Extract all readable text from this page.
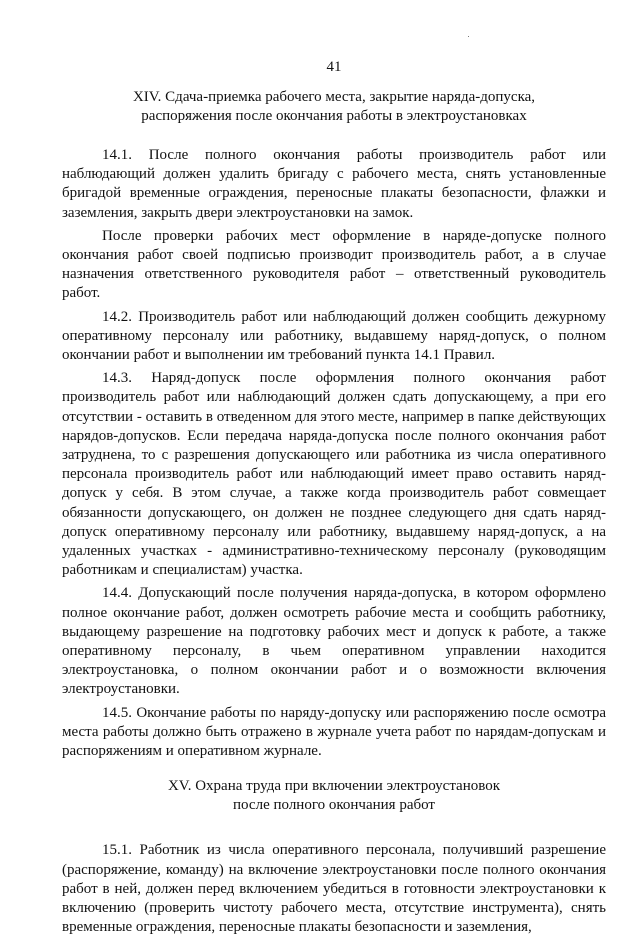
41
XIV. Сдача-приемка рабочего места, закрытие наряда-допуска,
распоряжения после окончания работы в электроустановках

14.1. После полного окончания работы производитель работ или наблюдающий должен удалить бригаду с рабочего места, снять установленные бригадой временные ограждения, переносные плакаты безопасности, флажки и заземления, закрыть двери электроустановки на замок.

После проверки рабочих мест оформление в наряде-допуске полного окончания работ своей подписью производит производитель работ, а в случае назначения ответственного руководителя работ – ответственный руководитель работ.

14.2. Производитель работ или наблюдающий должен сообщить дежурному оперативному персоналу или работнику, выдавшему наряд-допуск, о полном окончании работ и выполнении им требований пункта 14.1 Правил.

14.3. Наряд-допуск после оформления полного окончания работ производитель работ или наблюдающий должен сдать допускающему, а при его отсутствии - оставить в отведенном для этого месте, например в папке действующих нарядов-допусков. Если передача наряда-допуска после полного окончания работ затруднена, то с разрешения допускающего или работника из числа оперативного персонала производитель работ или наблюдающий имеет право оставить наряд-допуск у себя. В этом случае, а также когда производитель работ совмещает обязанности допускающего, он должен не позднее следующего дня сдать наряд-допуск оперативному персоналу или работнику, выдавшему наряд-допуск, а на удаленных участках - административно-техническому персоналу (руководящим работникам и специалистам) участка.

14.4. Допускающий после получения наряда-допуска, в котором оформлено полное окончание работ, должен осмотреть рабочие места и сообщить работнику, выдающему разрешение на подготовку рабочих мест и допуск к работе, а также оперативному персоналу, в чьем оперативном управлении находится электроустановка, о полном окончании работ и о возможности включения электроустановки.

14.5. Окончание работы по наряду-допуску или распоряжению после осмотра места работы должно быть отражено в журнале учета работ по нарядам-допускам и распоряжениям и оперативном журнале.

XV. Охрана труда при включении электроустановок
после полного окончания работ

15.1. Работник из числа оперативного персонала, получивший разрешение (распоряжение, команду) на включение электроустановки после полного окончания работ в ней, должен перед включением убедиться в готовности электроустановки к включению (проверить чистоту рабочего места, отсутствие инструмента), снять временные ограждения, переносные плакаты безопасности и заземления,
